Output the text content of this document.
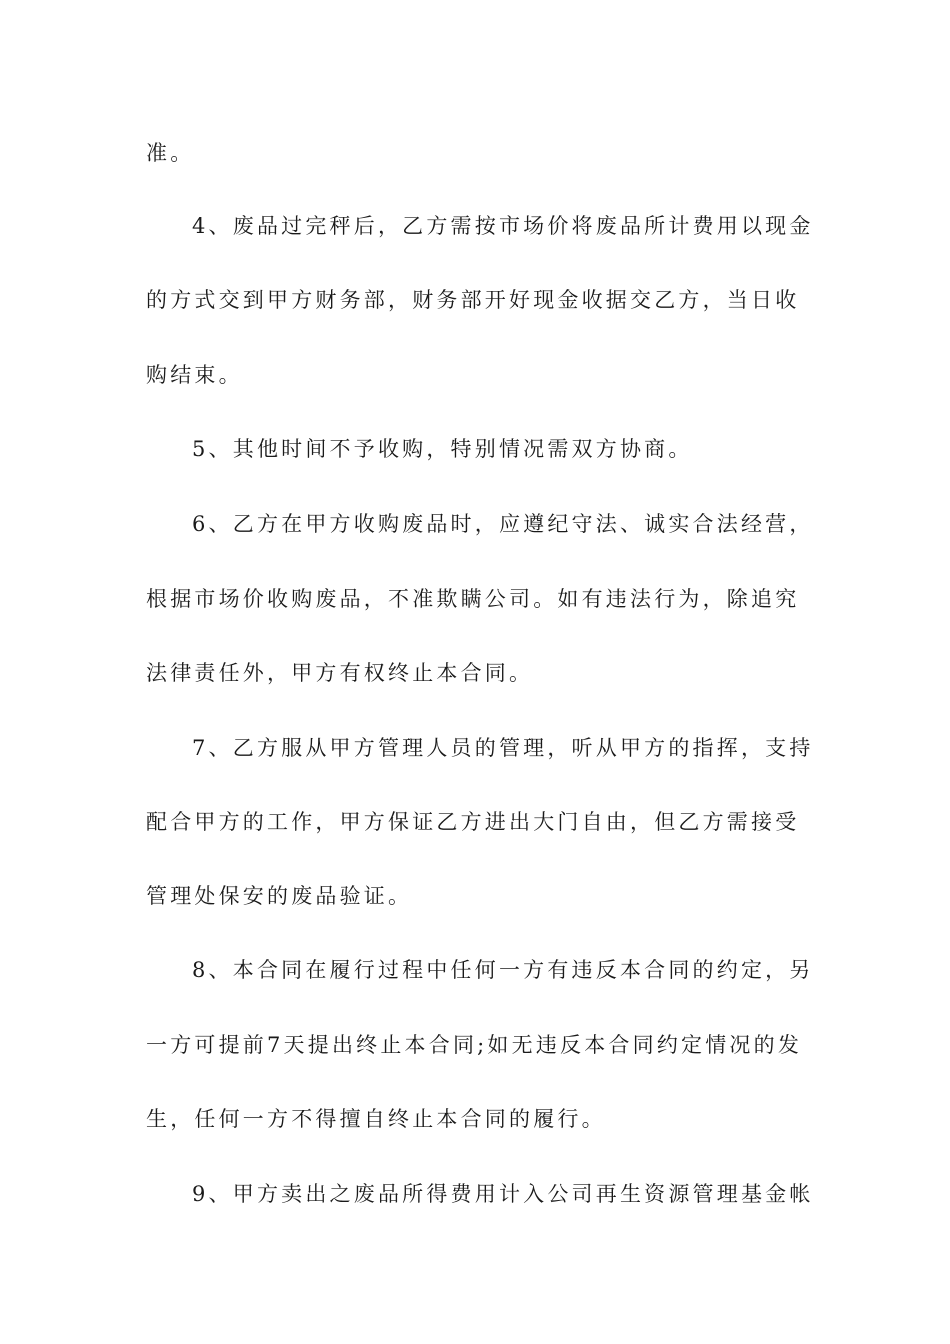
准。
4、废品过完秤后，乙方需按市场价将废品所计费用以现金
的方式交到甲方财务部，财务部开好现金收据交乙方，当日收
购结束。
5、其他时间不予收购，特别情况需双方协商。
6、乙方在甲方收购废品时，应遵纪守法、诚实合法经营，
根据市场价收购废品，不准欺瞒公司。如有违法行为，除追究
法律责任外，甲方有权终止本合同。
7、乙方服从甲方管理人员的管理，听从甲方的指挥，支持
配合甲方的工作，甲方保证乙方进出大门自由，但乙方需接受
管理处保安的废品验证。
8、本合同在履行过程中任何一方有违反本合同的约定，另
一方可提前7天提出终止本合同;如无违反本合同约定情况的发
生，任何一方不得擅自终止本合同的履行。
9、甲方卖出之废品所得费用计入公司再生资源管理基金帐
